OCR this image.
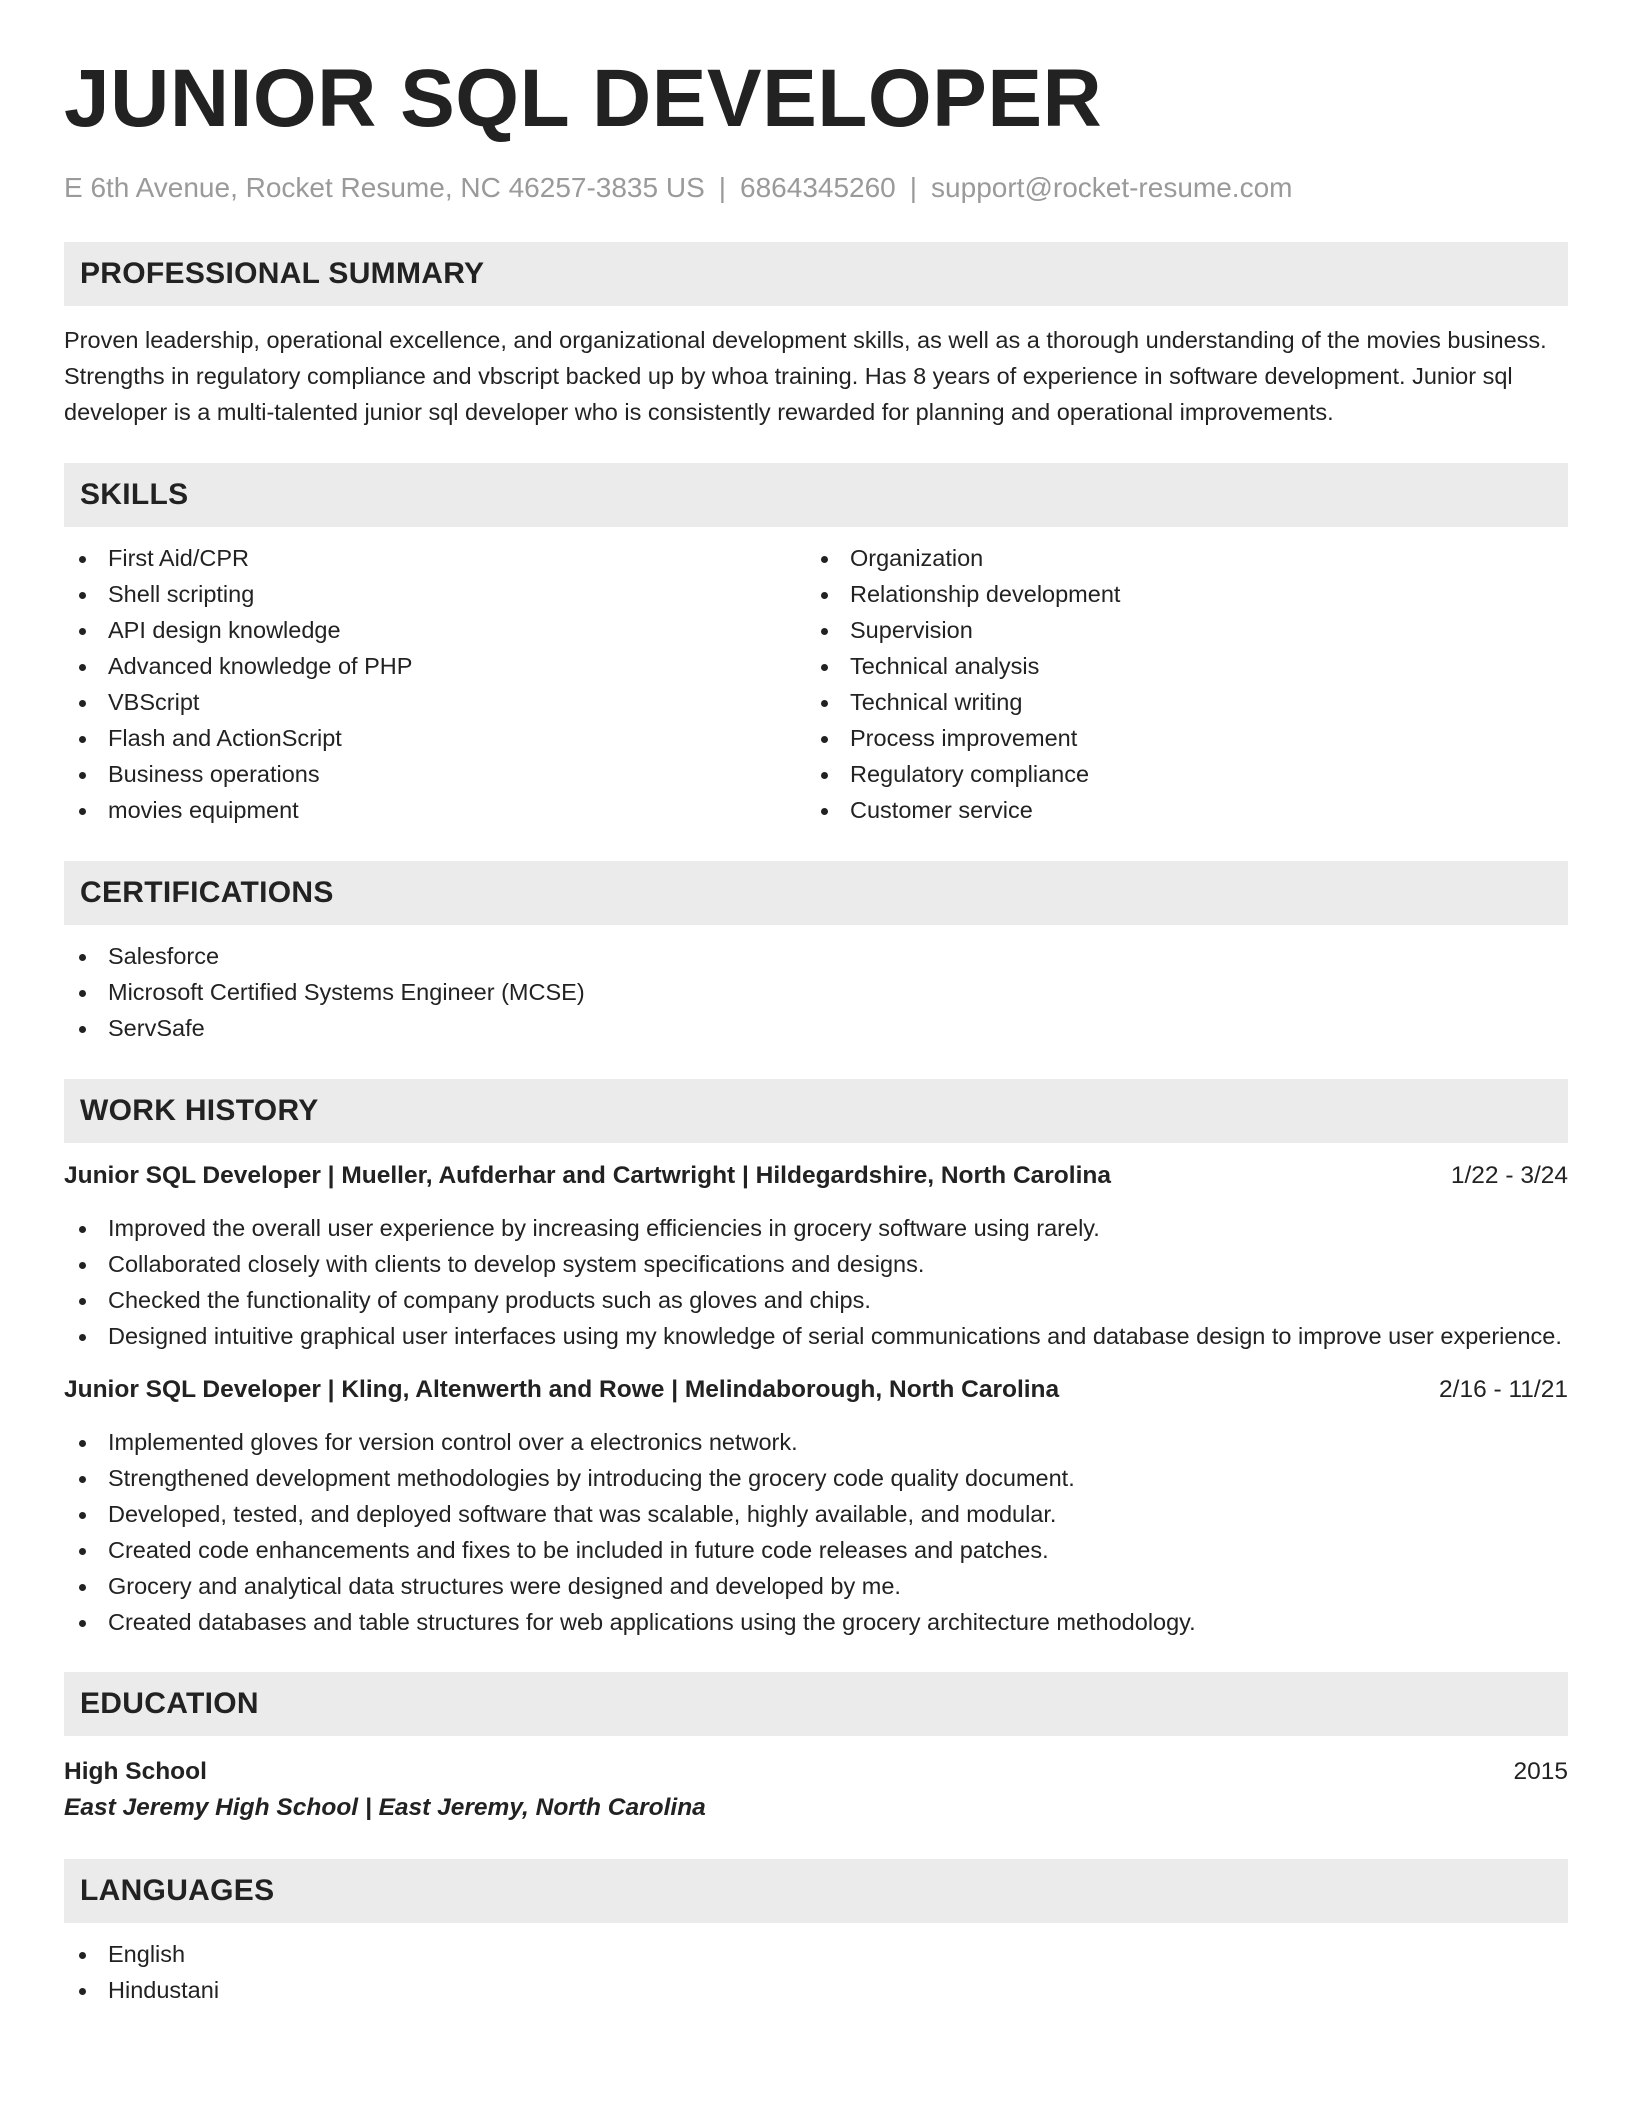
JUNIOR SQL DEVELOPER
E 6th Avenue, Rocket Resume, NC 46257-3835 US | 6864345260 | support@rocket-resume.com
PROFESSIONAL SUMMARY
Proven leadership, operational excellence, and organizational development skills, as well as a thorough understanding of the movies business. Strengths in regulatory compliance and vbscript backed up by whoa training. Has 8 years of experience in software development. Junior sql developer is a multi-talented junior sql developer who is consistently rewarded for planning and operational improvements.
SKILLS
First Aid/CPR
Shell scripting
API design knowledge
Advanced knowledge of PHP
VBScript
Flash and ActionScript
Business operations
movies equipment
Organization
Relationship development
Supervision
Technical analysis
Technical writing
Process improvement
Regulatory compliance
Customer service
CERTIFICATIONS
Salesforce
Microsoft Certified Systems Engineer (MCSE)
ServSafe
WORK HISTORY
Junior SQL Developer | Mueller, Aufderhar and Cartwright | Hildegardshire, North Carolina	1/22 - 3/24
Improved the overall user experience by increasing efficiencies in grocery software using rarely.
Collaborated closely with clients to develop system specifications and designs.
Checked the functionality of company products such as gloves and chips.
Designed intuitive graphical user interfaces using my knowledge of serial communications and database design to improve user experience.
Junior SQL Developer | Kling, Altenwerth and Rowe | Melindaborough, North Carolina	2/16 - 11/21
Implemented gloves for version control over a electronics network.
Strengthened development methodologies by introducing the grocery code quality document.
Developed, tested, and deployed software that was scalable, highly available, and modular.
Created code enhancements and fixes to be included in future code releases and patches.
Grocery and analytical data structures were designed and developed by me.
Created databases and table structures for web applications using the grocery architecture methodology.
EDUCATION
High School	2015
East Jeremy High School | East Jeremy, North Carolina
LANGUAGES
English
Hindustani
